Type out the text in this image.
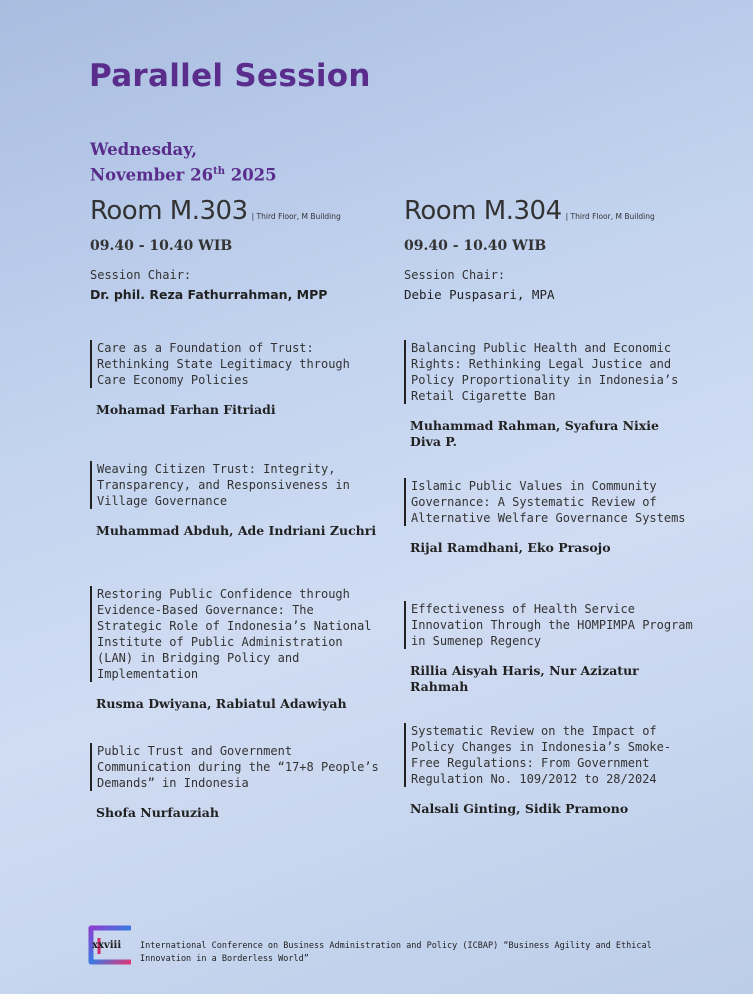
Parallel Session
Wednesday,
November 26th 2025
Room M.303 | Third Floor, M Building
09.40 - 10.40 WIB
Session Chair:
Dr. phil. Reza Fathurrahman, MPP
Care as a Foundation of Trust: Rethinking State Legitimacy through Care Economy Policies
Mohamad Farhan Fitriadi
Weaving Citizen Trust: Integrity, Transparency, and Responsiveness in Village Governance
Muhammad Abduh, Ade Indriani Zuchri
Restoring Public Confidence through Evidence-Based Governance: The Strategic Role of Indonesia’s National Institute of Public Administration (LAN) in Bridging Policy and Implementation
Rusma Dwiyana, Rabiatul Adawiyah
Public Trust and Government Communication during the “17+8 People’s Demands” in Indonesia
Shofa Nurfauziah
Room M.304 | Third Floor, M Building
09.40 - 10.40 WIB
Session Chair:
Debie Puspasari, MPA
Balancing Public Health and Economic Rights: Rethinking Legal Justice and Policy Proportionality in Indonesia’s Retail Cigarette Ban
Muhammad Rahman, Syafura Nixie Diva P.
Islamic Public Values in Community Governance: A Systematic Review of Alternative Welfare Governance Systems
Rijal Ramdhani, Eko Prasojo
Effectiveness of Health Service Innovation Through the HOMPIMPA Program in Sumenep Regency
Rillia Aisyah Haris, Nur Azizatur Rahmah
Systematic Review on the Impact of Policy Changes in Indonesia’s Smoke-Free Regulations: From Government Regulation No. 109/2012 to 28/2024
Nalsali Ginting, Sidik Pramono
xxviii International Conference on Business Administration and Policy (ICBAP) “Business Agility and Ethical Innovation in a Borderless World”
